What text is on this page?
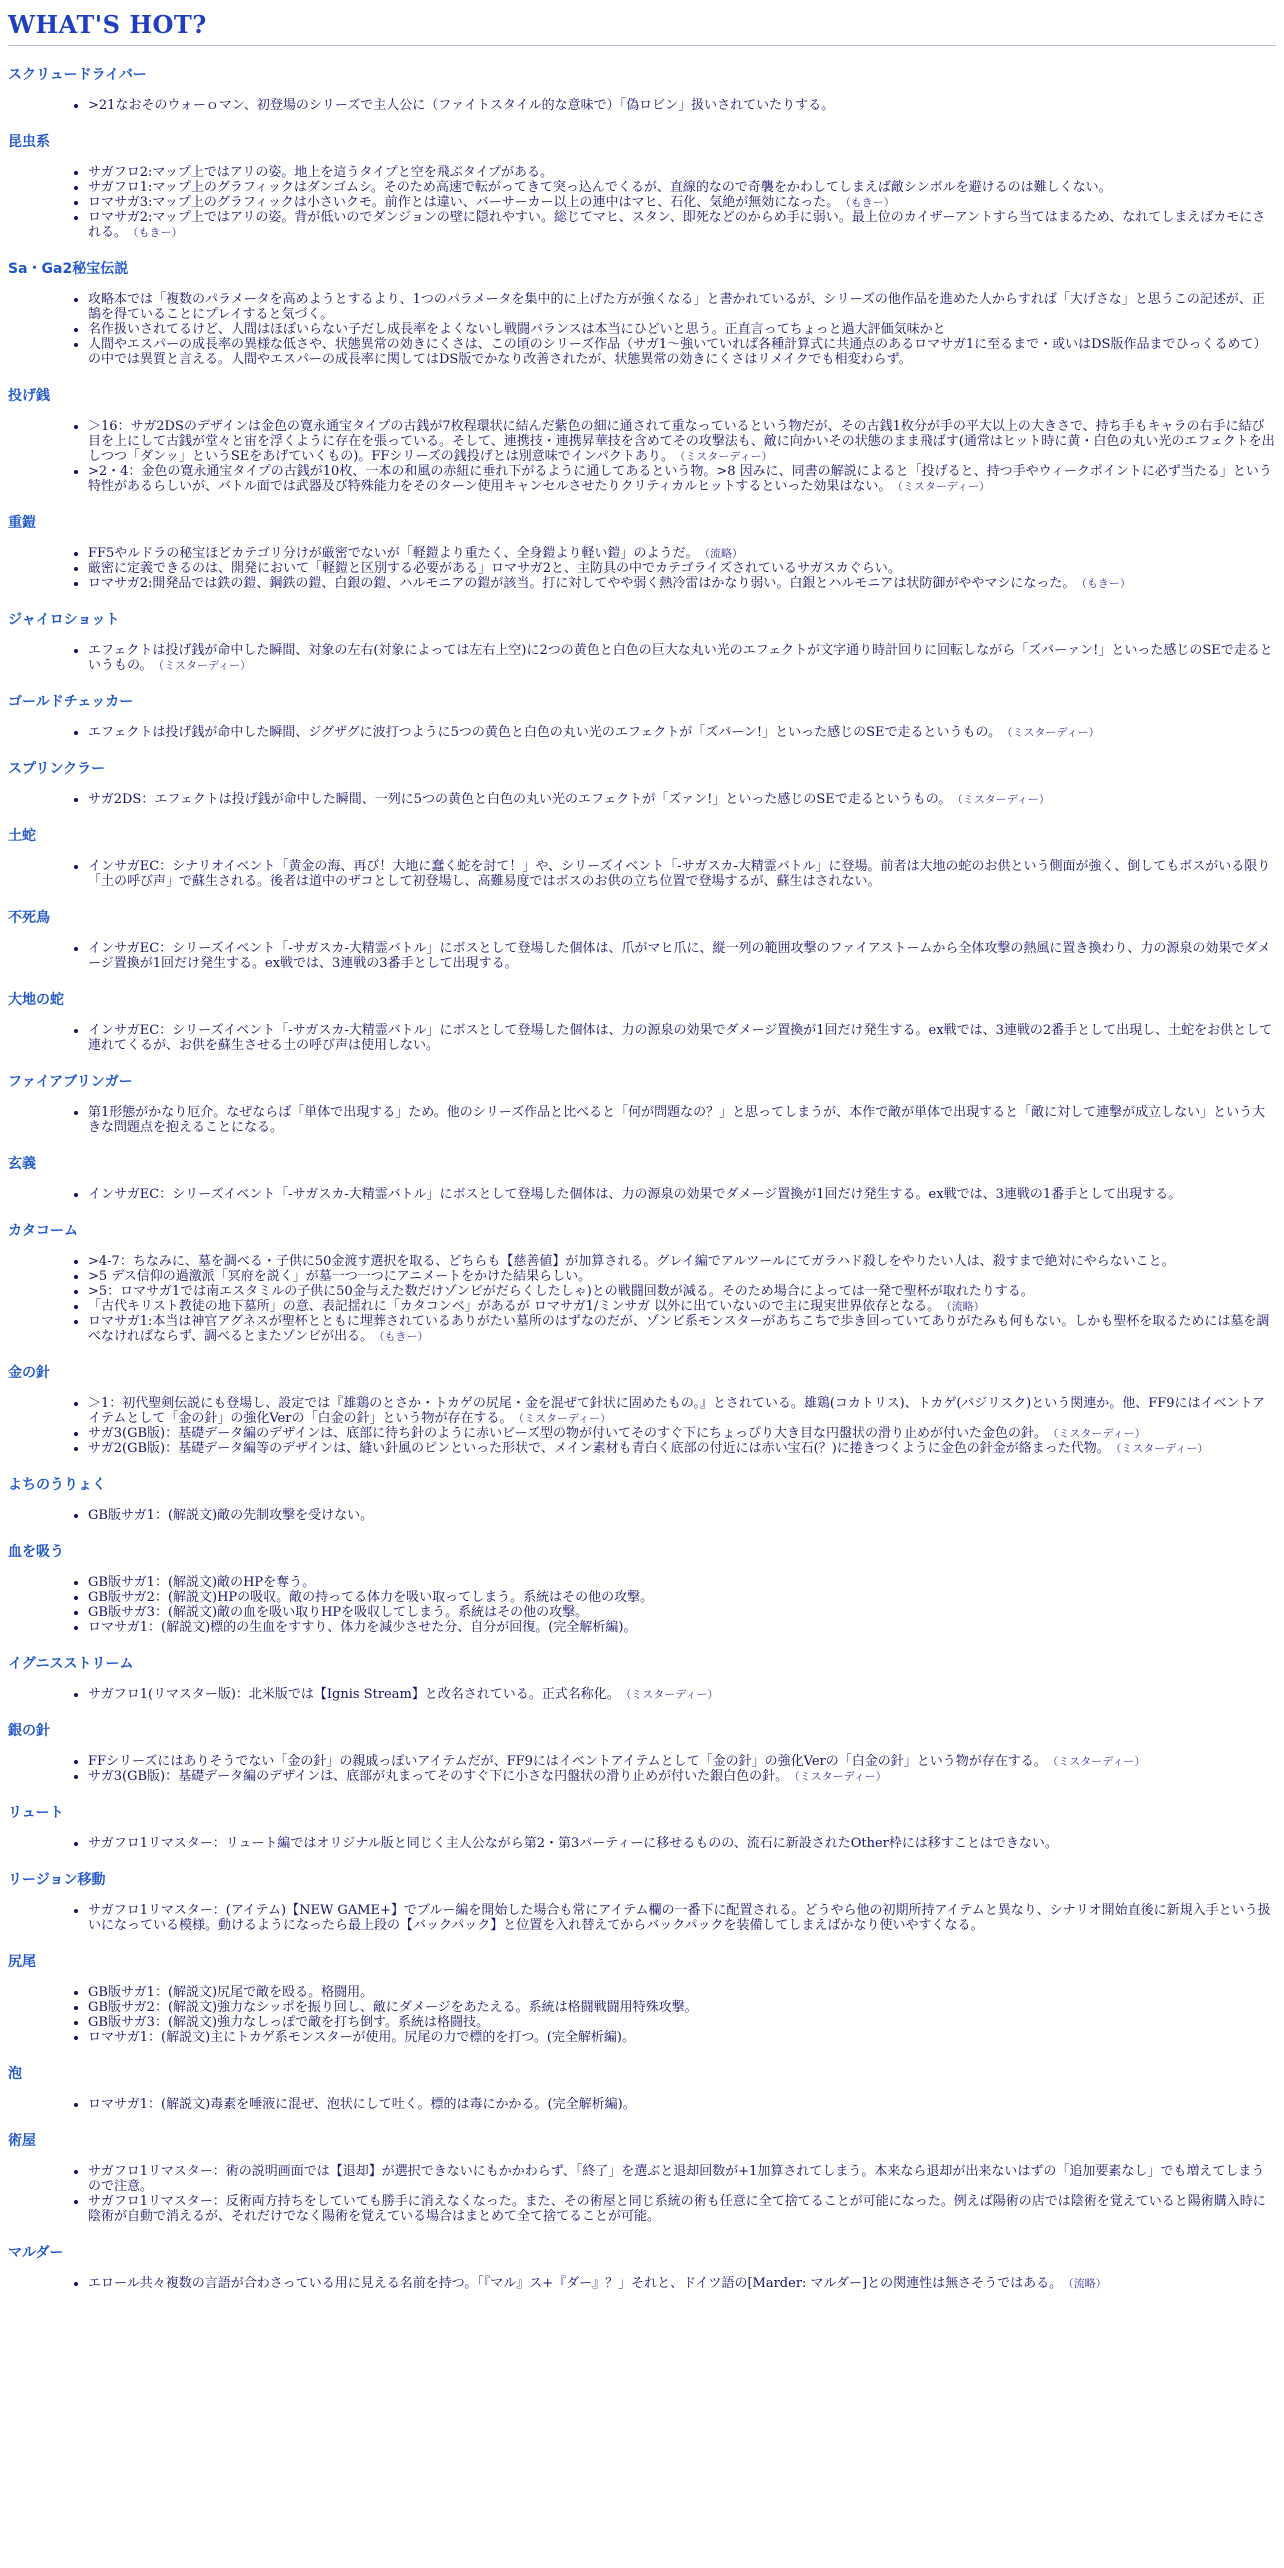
WHAT'S HOT?
スクリュードライバー
• >21なおそのウォーｏマン、初登場のシリーズで主人公に（ファイトスタイル的な意味で）「偽ロビン」扱いされていたりする。
昆虫系
• サガフロ2:マップ上ではアリの姿。地上を這うタイプと空を飛ぶタイプがある。
• サガフロ1:マップ上のグラフィックはダンゴムシ。そのため高速で転がってきて突っ込んでくるが、直線的なので奇襲をかわしてしまえば敵シンボルを避けるのは難しくない。
• ロマサガ3:マップ上のグラフィックは小さいクモ。前作とは違い、バーサーカー以上の連中はマヒ、石化、気絶が無効になった。 （もきー）
• ロマサガ2:マップ上ではアリの姿。背が低いのでダンジョンの壁に隠れやすい。総じてマヒ、スタン、即死などのからめ手に弱い。最上位のカイザーアントすら当てはまるため、なれてしまえばカモにされる。 （もきー）
Sa・Ga2秘宝伝説
• 攻略本では「複数のパラメータを高めようとするより、1つのパラメータを集中的に上げた方が強くなる」と書かれているが、シリーズの他作品を進めた人からすれば「大げさな」と思うこの記述が、正鵠を得ていることにプレイすると気づく。
• 名作扱いされてるけど、人間はほぼいらない子だし成長率をよくないし戦闘バランスは本当にひどいと思う。正直言ってちょっと過大評価気味かと
• 人間やエスパーの成長率の異様な低さや、状態異常の効きにくさは、この頃のシリーズ作品（サガ1〜強いていれば各種計算式に共通点のあるロマサガ1に至るまで・或いはDS版作品までひっくるめて）の中では異質と言える。人間やエスパーの成長率に関してはDS版でかなり改善されたが、状態異常の効きにくさはリメイクでも相変わらず。
投げ銭
• ＞16：サガ2DSのデザインは金色の寛永通宝タイプの古銭が7枚程環状に結んだ紫色の細に通されて重なっているという物だが、その古銭1枚分が手の平大以上の大きさで、持ち手もキャラの右手に結び目を上にして古銭が堂々と宙を浮くように存在を張っている。そして、連携技・連携昇華技を含めてその攻撃法も、敵に向かいその状態のまま飛ばす(通常はヒット時に黄・白色の丸い光のエフェクトを出しつつ「ダンッ」というSEをあげていくもの)。FFシリーズの銭投げとは別意味でインパクトあり。 （ミスターディー）
• >2・4：金色の寛永通宝タイプの古銭が10枚、一本の和風の赤紐に垂れ下がるように通してあるという物。>8 因みに、同書の解説によると「投げると、持つ手やウィークポイントに必ず当たる」という特性があるらしいが、バトル面では武器及び特殊能力をそのターン使用キャンセルさせたりクリティカルヒットするといった効果はない。 （ミスターディー）
重鎧
• FF5やルドラの秘宝ほどカテゴリ分けが厳密でないが「軽鎧より重たく、全身鎧より軽い鎧」のようだ。 （流略）
• 厳密に定義できるのは、開発において「軽鎧と区別する必要がある」ロマサガ2と、主防具の中でカテゴライズされているサガスカぐらい。
• ロマサガ2:開発品では鉄の鎧、鋼鉄の鎧、白銀の鎧、ハルモニアの鎧が該当。打に対してやや弱く熱冷雷はかなり弱い。白銀とハルモニアは状防御がややマシになった。 （もきー）
ジャイロショット
• エフェクトは投げ銭が命中した瞬間、対象の左右(対象によっては左右上空)に2つの黄色と白色の巨大な丸い光のエフェクトが文字通り時計回りに回転しながら「ズバーァン!」といった感じのSEで走るというもの。 （ミスターディー）
ゴールドチェッカー
• エフェクトは投げ銭が命中した瞬間、ジグザグに波打つように5つの黄色と白色の丸い光のエフェクトが「ズバーン!」といった感じのSEで走るというもの。 （ミスターディー）
スプリンクラー
• サガ2DS：エフェクトは投げ銭が命中した瞬間、一列に5つの黄色と白色の丸い光のエフェクトが「ズァン!」といった感じのSEで走るというもの。 （ミスターディー）
土蛇
• インサガEC：シナリオイベント「黄金の海、再び！大地に蠢く蛇を討て！」や、シリーズイベント「-サガスカ-大精霊バトル」に登場。前者は大地の蛇のお供という側面が強く、倒してもボスがいる限り「土の呼び声」で蘇生される。後者は道中のザコとして初登場し、高難易度ではボスのお供の立ち位置で登場するが、蘇生はされない。
不死鳥
• インサガEC：シリーズイベント「-サガスカ-大精霊バトル」にボスとして登場した個体は、爪がマヒ爪に、縦一列の範囲攻撃のファイアストームから全体攻撃の熱風に置き換わり、力の源泉の効果でダメージ置換が1回だけ発生する。ex戦では、3連戦の3番手として出現する。
大地の蛇
• インサガEC：シリーズイベント「-サガスカ-大精霊バトル」にボスとして登場した個体は、力の源泉の効果でダメージ置換が1回だけ発生する。ex戦では、3連戦の2番手として出現し、土蛇をお供として連れてくるが、お供を蘇生させる土の呼び声は使用しない。
ファイアブリンガー
• 第1形態がかなり厄介。なぜならば「単体で出現する」ため。他のシリーズ作品と比べると「何が問題なの？」と思ってしまうが、本作で敵が単体で出現すると「敵に対して連撃が成立しない」という大きな問題点を抱えることになる。
玄義
• インサガEC：シリーズイベント「-サガスカ-大精霊バトル」にボスとして登場した個体は、力の源泉の効果でダメージ置換が1回だけ発生する。ex戦では、3連戦の1番手として出現する。
カタコーム
• >4-7：ちなみに、墓を調べる・子供に50金渡す選択を取る、どちらも【慈善値】が加算される。グレイ編でアルツールにてガラハド殺しをやりたい人は、殺すまで絶対にやらないこと。
• >5 デス信仰の過激派「冥府を説く」が墓一つ一つにアニメートをかけた結果らしい。
• >5：ロマサガ1では南エスタミルの子供に50金与えた数だけゾンビがだらくしたしゃ)との戦闘回数が減る。そのため場合によっては一発で聖杯が取れたりする。
• 「古代キリスト教徒の地下墓所」の意、表記揺れに「カタコンベ」があるが ロマサガ1/ミンサガ 以外に出ていないので主に現実世界依存となる。 （流略）
• ロマサガ1:本当は神官アグネスが聖杯とともに埋葬されているありがたい墓所のはずなのだが、ゾンビ系モンスターがあちこちで歩き回っていてありがたみも何もない。しかも聖杯を取るためには墓を調べなければならず、調べるとまたゾンビが出る。 （もきー）
金の針
• ＞1：初代聖剣伝説にも登場し、設定では『雄鶏のとさか・トカゲの尻尾・金を混ぜて針状に固めたもの。』とされている。雄鶏(コカトリス)、トカゲ(バジリスク)という関連か。他、FF9にはイベントアイテムとして「金の針」の強化Verの「白金の針」という物が存在する。 （ミスターディー）
• サガ3(GB版)：基礎データ編のデザインは、底部に待ち針のように赤いビーズ型の物が付いてそのすぐ下にちょっぴり大き目な円盤状の滑り止めが付いた金色の針。 （ミスターディー）
• サガ2(GB版)：基礎データ編等のデザインは、縫い針風のピンといった形状で、メイン素材も青白く底部の付近には赤い宝石(？)に捲きつくように金色の針金が絡まった代物。 （ミスターディー）
よちのうりょく
• GB版サガ1：(解説文)敵の先制攻撃を受けない。
血を吸う
• GB版サガ1：(解説文)敵のHPを奪う。
• GB版サガ2：(解説文)HPの吸収。敵の持ってる体力を吸い取ってしまう。系統はその他の攻撃。
• GB版サガ3：(解説文)敵の血を吸い取りHPを吸収してしまう。系統はその他の攻撃。
• ロマサガ1：(解説文)標的の生血をすすり、体力を減少させた分、自分が回復。(完全解析編)。
イグニスストリーム
• サガフロ1(リマスター版)：北米版では【Ignis Stream】と改名されている。正式名称化。 （ミスターディー）
銀の針
• FFシリーズにはありそうでない「金の針」の親戚っぽいアイテムだが、FF9にはイベントアイテムとして「金の針」の強化Verの「白金の針」という物が存在する。 （ミスターディー）
• サガ3(GB版)：基礎データ編のデザインは、底部が丸まってそのすぐ下に小さな円盤状の滑り止めが付いた銀白色の針。 （ミスターディー）
リュート
• サガフロ1リマスター：リュート編ではオリジナル版と同じく主人公ながら第2・第3パーティーに移せるものの、流石に新設されたOther枠には移すことはできない。
リージョン移動
• サガフロ1リマスター：(アイテム)【NEW GAME+】でブルー編を開始した場合も常にアイテム欄の一番下に配置される。どうやら他の初期所持アイテムと異なり、シナリオ開始直後に新規入手という扱いになっている模様。動けるようになったら最上段の【バックパック】と位置を入れ替えてからバックパックを装備してしまえばかなり使いやすくなる。
尻尾
• GB版サガ1：(解説文)尻尾で敵を殴る。格闘用。
• GB版サガ2：(解説文)強力なシッポを振り回し、敵にダメージをあたえる。系統は格闘戦闘用特殊攻撃。
• GB版サガ3：(解説文)強力なしっぽで敵を打ち倒す。系統は格闘技。
• ロマサガ1：(解説文)主にトカゲ系モンスターが使用。尻尾の力で標的を打つ。(完全解析編)。
泡
• ロマサガ1：(解説文)毒素を唾液に混ぜ、泡状にして吐く。標的は毒にかかる。(完全解析編)。
術屋
• サガフロ1リマスター：術の説明画面では【退却】が選択できないにもかかわらず、「終了」を選ぶと退却回数が+1加算されてしまう。本来なら退却が出来ないはずの「追加要素なし」でも増えてしまうので注意。
• サガフロ1リマスター：反術両方持ちをしていても勝手に消えなくなった。また、その術屋と同じ系統の術も任意に全て捨てることが可能になった。例えば陽術の店では陰術を覚えていると陽術購入時に陰術が自動で消えるが、それだけでなく陽術を覚えている場合はまとめて全て捨てることが可能。
マルダー
• エロール共々複数の言語が合わさっている用に見える名前を持つ。「『マル』ス+『ダー』？」それと、ドイツ語の[Marder: マルダー]との関連性は無さそうではある。 （流略）
